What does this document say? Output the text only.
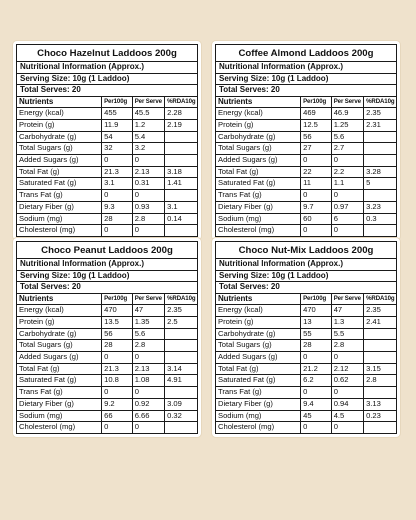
Choco Hazelnut Laddoos 200g
Nutritional Information (Approx.)
Serving Size: 10g (1 Laddoo)
Total Serves: 20
Nutrients	Per100g	Per Serve	%RDA10g
Energy (kcal)	455	45.5	2.28
Protein (g)	11.9	1.2	2.19
Carbohydrate (g)	54	5.4	
Total Sugars (g)	32	3.2	
Added Sugars (g)	0	0	
Total Fat (g)	21.3	2.13	3.18
Saturated Fat (g)	3.1	0.31	1.41
Trans Fat (g)	0	0	
Dietary Fiber (g)	9.3	0.93	3.1
Sodium (mg)	28	2.8	0.14
Cholesterol (mg)	0	0	
Coffee Almond Laddoos 200g
Nutritional Information (Approx.)
Serving Size: 10g (1 Laddoo)
Total Serves: 20
Nutrients	Per100g	Per Serve	%RDA10g
Energy (kcal)	469	46.9	2.35
Protein (g)	12.5	1.25	2.31
Carbohydrate (g)	56	5.6	
Total Sugars (g)	27	2.7	
Added Sugars (g)	0	0	
Total Fat (g)	22	2.2	3.28
Saturated Fat (g)	11	1.1	5
Trans Fat (g)	0	0	
Dietary Fiber (g)	9.7	0.97	3.23
Sodium (mg)	60	6	0.3
Cholesterol (mg)	0	0	
Choco Peanut Laddoos 200g
Nutritional Information (Approx.)
Serving Size: 10g (1 Laddoo)
Total Serves: 20
Nutrients	Per100g	Per Serve	%RDA10g
Energy (kcal)	470	47	2.35
Protein (g)	13.5	1.35	2.5
Carbohydrate (g)	56	5.6	
Total Sugars (g)	28	2.8	
Added Sugars (g)	0	0	
Total Fat (g)	21.3	2.13	3.14
Saturated Fat (g)	10.8	1.08	4.91
Trans Fat (g)	0	0	
Dietary Fiber (g)	9.2	0.92	3.09
Sodium (mg)	66	6.66	0.32
Cholesterol (mg)	0	0	
Choco Nut-Mix Laddoos 200g
Nutritional Information (Approx.)
Serving Size: 10g (1 Laddoo)
Total Serves: 20
Nutrients	Per100g	Per Serve	%RDA10g
Energy (kcal)	470	47	2.35
Protein (g)	13	1.3	2.41
Carbohydrate (g)	55	5.5	
Total Sugars (g)	28	2.8	
Added Sugars (g)	0	0	
Total Fat (g)	21.2	2.12	3.15
Saturated Fat (g)	6.2	0.62	2.8
Trans Fat (g)	0	0	
Dietary Fiber (g)	9.4	0.94	3.13
Sodium (mg)	45	4.5	0.23
Cholesterol (mg)	0	0	
